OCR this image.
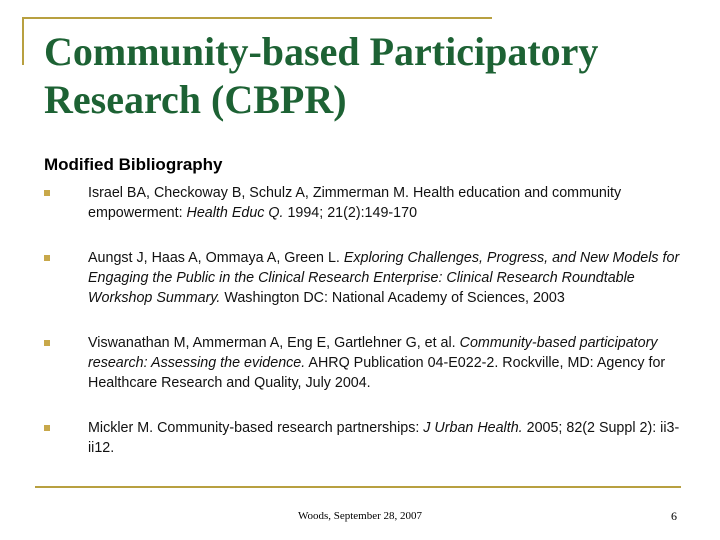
Community-based Participatory Research (CBPR)
Modified Bibliography
Israel BA, Checkoway B, Schulz A, Zimmerman M. Health education and community empowerment: Health Educ Q. 1994; 21(2):149-170
Aungst J, Haas A, Ommaya A, Green L. Exploring Challenges, Progress, and New Models for Engaging the Public in the Clinical Research Enterprise: Clinical Research Roundtable Workshop Summary. Washington DC: National Academy of Sciences, 2003
Viswanathan M, Ammerman A, Eng E, Gartlehner G, et al. Community-based participatory research: Assessing the evidence. AHRQ Publication 04-E022-2. Rockville, MD: Agency for Healthcare Research and Quality, July 2004.
Mickler M. Community-based research partnerships: J Urban Health. 2005; 82(2 Suppl 2): ii3-ii12.
Woods, September 28, 2007	6
